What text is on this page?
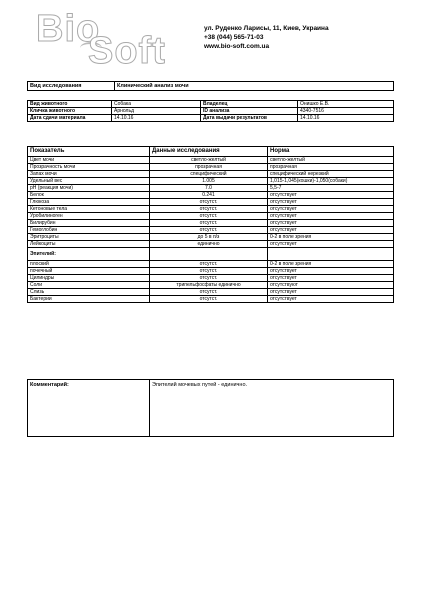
Bio
Soft
ул. Руденко Ларисы, 11, Киев, Украина
+38 (044) 565-71-03
www.bio-soft.com.ua
Вид исследования	Клинический анализ мочи
Вид животного	Собака	Владелец	Онишко Е.В.
Кличка животного	Арнольд	ID анализа	4340-7516
Дата сдачи материала	14.10.16	Дата выдачи результатов	14.10.16
Показатель	Данные исследования	Норма
Цвет мочи	светло-желтый	светло-желтый
Прозрачность мочи	прозрачная	прозрачная
Запах мочи	специфический	специфический нерезкий
Удельный вес	1.005	1,015-1,045(кошки)-1,050(собаки)
pH (реакция мочи)	7.0	5,5-7
Белок	0.241	отсутствует
Глюкоза	отсутст.	отсутствует
Кетоновые тела	отсутст.	отсутствует
Уробилиноген	отсутст.	отсутствует
Билирубин	отсутст.	отсутствует
Гемоглобин	отсутст.	отсутствует
Эритроциты	до 5 в п/з	0-2 в поле зрения
Лейкоциты	единично	отсутствует
Эпителий:		
плоский	отсутст.	0-2 в поле зрения
почечный	отсутст.	отсутствует
Цилиндры	отсутст.	отсутствует
Соли	трипельфосфаты единично	отсутствуют
Слизь	отсутст.	отсутствует
Бактерии	отсутст.	отсутствует
Комментарий:	Эпителий мочевых путей - единично.
